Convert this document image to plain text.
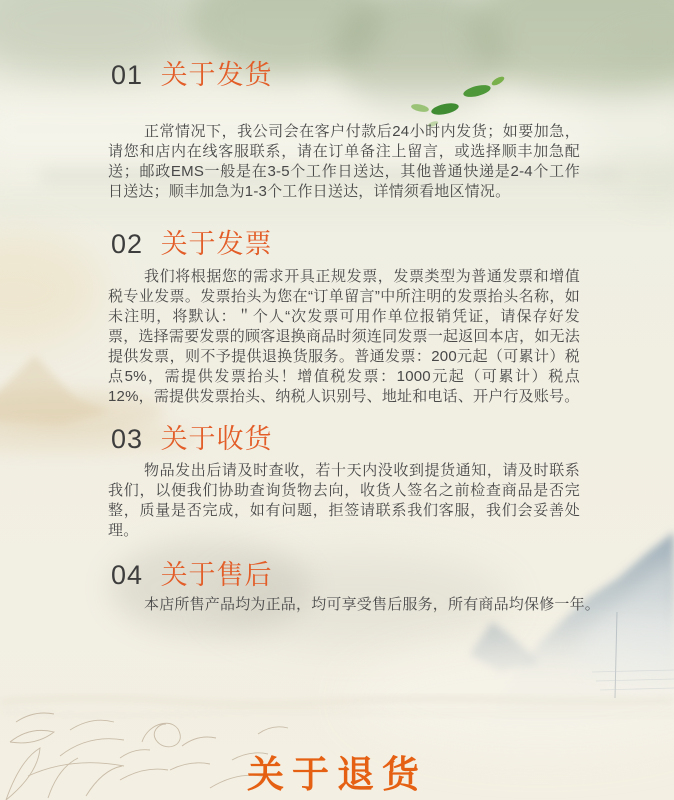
01 关于发货

正常情况下，我公司会在客户付款后24小时内发货；如要加急，请您和店内在线客服联系，请在订单备注上留言，或选择顺丰加急配送；邮政EMS一般是在3-5个工作日送达，其他普通快递是2-4个工作日送达；顺丰加急为1-3个工作日送达，详情须看地区情况。

02 关于发票

我们将根据您的需求开具正规发票，发票类型为普通发票和增值税专业发票。发票抬头为您在“订单留言”中所注明的发票抬头名称，如未注明，将默认：＂个人“次发票可用作单位报销凭证，请保存好发票，选择需要发票的顾客退换商品时须连同发票一起返回本店，如无法提供发票，则不予提供退换货服务。普通发票：200元起（可累计）税点5%，需提供发票抬头！增值税发票：1000元起（可累计）税点12%，需提供发票抬头、纳税人识别号、地址和电话、开户行及账号。

03 关于收货

物品发出后请及时查收，若十天内没收到提货通知，请及时联系我们，以便我们协助查询货物去向，收货人签名之前检查商品是否完整，质量是否完成，如有问题，拒签请联系我们客服，我们会妥善处理。

04 关于售后

本店所售产品均为正品，均可享受售后服务，所有商品均保修一年。

关于退货
